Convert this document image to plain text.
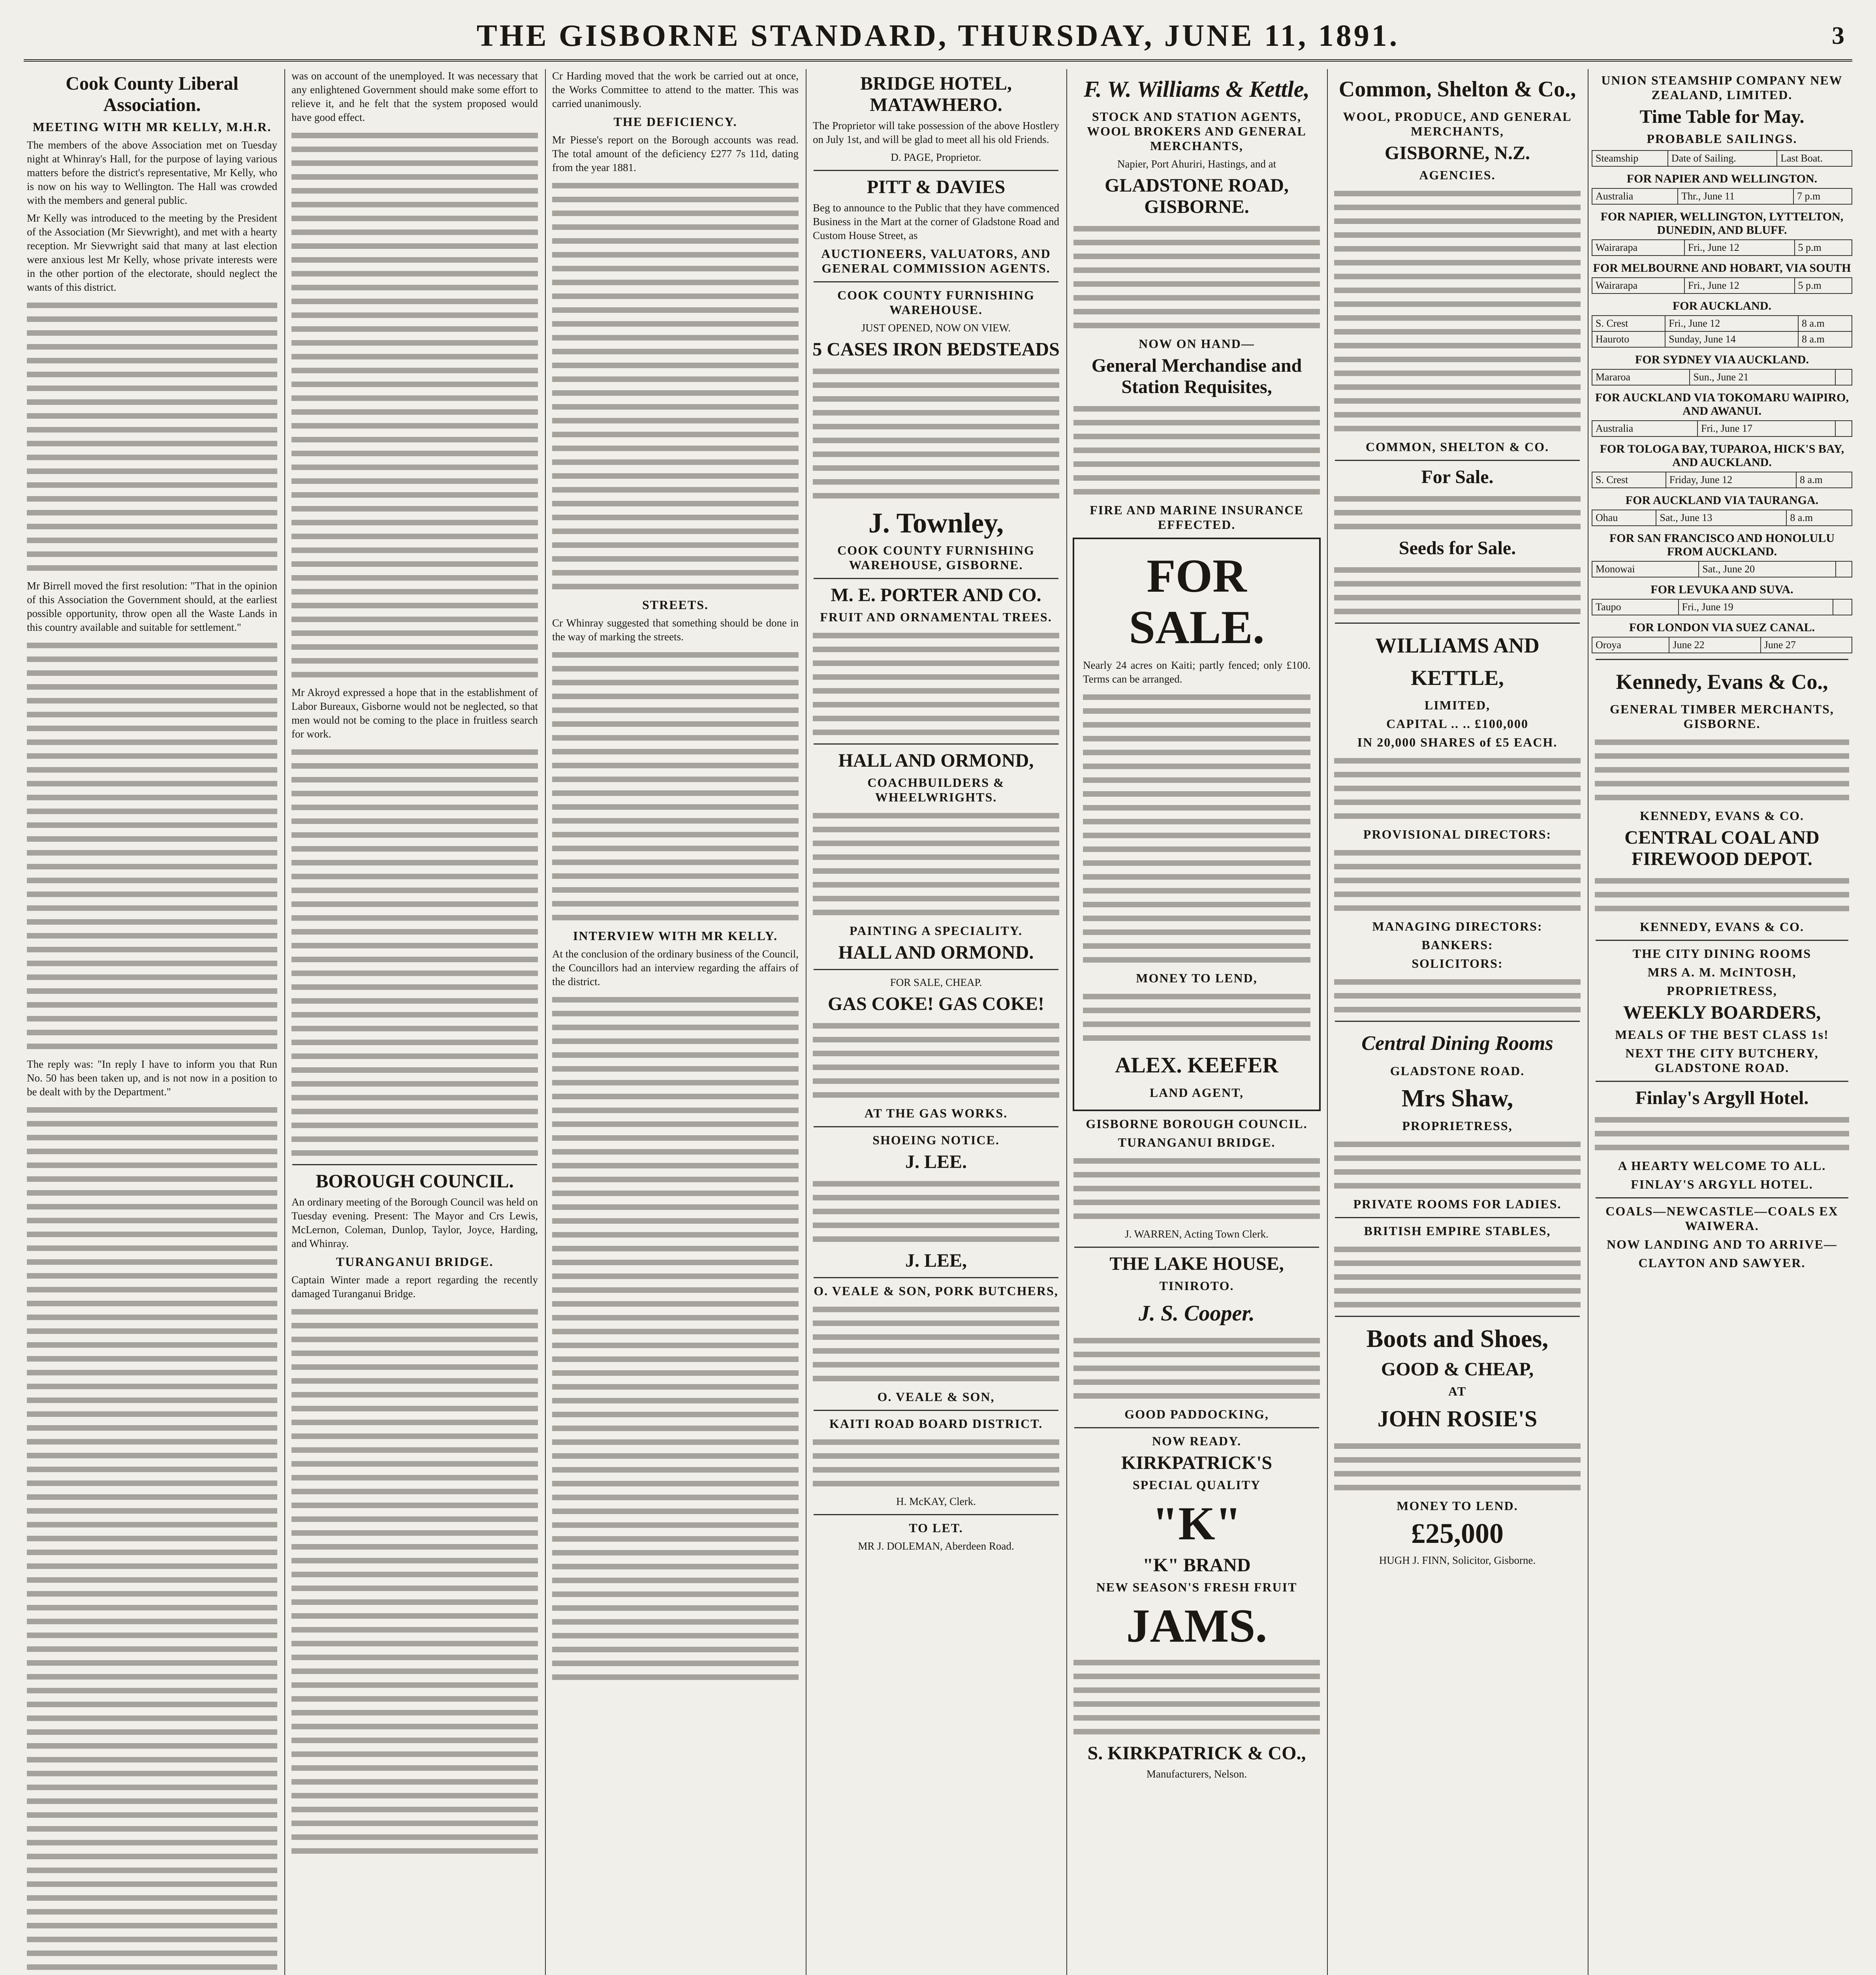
THE GISBORNE STANDARD, THURSDAY, JUNE 11, 1891.	3
Cook County Liberal Association.
MEETING WITH MR KELLY, M.H.R.
The members of the above Association met on Tuesday night at Whinray's Hall, for the purpose of laying various matters before the district's representative, Mr Kelly, who is now on his way to Wellington. The Hall was crowded with the members and general public.
Mr Kelly was introduced to the meeting by the President of the Association (Mr Sievwright), and met with a hearty reception. Mr Sievwright said that many at last election were anxious lest Mr Kelly, whose private interests were in the other portion of the electorate, should neglect the wants of this district.
Mr Birrell moved the first resolution: "That in the opinion of this Association the Government should, at the earliest possible opportunity, throw open all the Waste Lands in this country available and suitable for settlement."
The reply was: "In reply I have to inform you that Run No. 50 has been taken up, and is not now in a position to be dealt with by the Department."
was on account of the unemployed. It was necessary that any enlightened Government should make some effort to relieve it, and he felt that the system proposed would have good effect.
Mr Akroyd expressed a hope that in the establishment of Labor Bureaux, Gisborne would not be neglected, so that men would not be coming to the place in fruitless search for work.
BOROUGH COUNCIL.
An ordinary meeting of the Borough Council was held on Tuesday evening. Present: The Mayor and Crs Lewis, McLernon, Coleman, Dunlop, Taylor, Joyce, Harding, and Whinray.
TURANGANUI BRIDGE.
Captain Winter made a report regarding the recently damaged Turanganui Bridge.
Cr Harding moved that the work be carried out at once, the Works Committee to attend to the matter. This was carried unanimously.
THE DEFICIENCY.
Mr Piesse's report on the Borough accounts was read. The total amount of the deficiency £277 7s 11d, dating from the year 1881.
STREETS.
Cr Whinray suggested that something should be done in the way of marking the streets.
INTERVIEW WITH MR KELLY.
At the conclusion of the ordinary business of the Council, the Councillors had an interview regarding the affairs of the district.
BRIDGE HOTEL, MATAWHERO.
The Proprietor will take possession of the above Hostlery on July 1st, and will be glad to meet all his old Friends.
D. PAGE, Proprietor.
PITT & DAVIES
Beg to announce to the Public that they have commenced Business in the Mart at the corner of Gladstone Road and Custom House Street, as
AUCTIONEERS, VALUATORS, AND GENERAL COMMISSION AGENTS.
COOK COUNTY FURNISHING WAREHOUSE.
JUST OPENED, NOW ON VIEW.
5 CASES IRON BEDSTEADS
J. Townley,
COOK COUNTY FURNISHING WAREHOUSE, GISBORNE.
M. E. PORTER AND CO.
FRUIT AND ORNAMENTAL TREES.
HALL AND ORMOND,
COACHBUILDERS & WHEELWRIGHTS.
PAINTING A SPECIALITY.
HALL AND ORMOND.
FOR SALE, CHEAP.
GAS COKE! GAS COKE!
AT THE GAS WORKS.
SHOEING NOTICE.
J. LEE.
J. LEE,
O. VEALE & SON, PORK BUTCHERS,
O. VEALE & SON,
KAITI ROAD BOARD DISTRICT.
H. McKAY, Clerk.
TO LET.
MR J. DOLEMAN, Aberdeen Road.
F. W. Williams & Kettle,
STOCK AND STATION AGENTS, WOOL BROKERS AND GENERAL MERCHANTS,
Napier, Port Ahuriri, Hastings, and at
GLADSTONE ROAD, GISBORNE.
NOW ON HAND—
General Merchandise and Station Requisites,
FIRE AND MARINE INSURANCE EFFECTED.
FOR SALE.
Nearly 24 acres on Kaiti; partly fenced; only £100. Terms can be arranged.
MONEY TO LEND,
ALEX. KEEFER
LAND AGENT,
GISBORNE BOROUGH COUNCIL.
TURANGANUI BRIDGE.
J. WARREN, Acting Town Clerk.
THE LAKE HOUSE,
TINIROTO.
J. S. Cooper.
GOOD PADDOCKING,
NOW READY.
KIRKPATRICK'S
SPECIAL QUALITY
"K"
"K" BRAND
NEW SEASON'S FRESH FRUIT
JAMS.
S. KIRKPATRICK & CO.,
Manufacturers, Nelson.
Common, Shelton & Co.,
WOOL, PRODUCE, AND GENERAL MERCHANTS,
GISBORNE, N.Z.
AGENCIES.
COMMON, SHELTON & CO.
For Sale.
Seeds for Sale.
WILLIAMS AND KETTLE,
LIMITED,
CAPITAL .. .. £100,000
IN 20,000 SHARES of £5 EACH.
PROVISIONAL DIRECTORS:
MANAGING DIRECTORS:
BANKERS:
SOLICITORS:
Central Dining Rooms
GLADSTONE ROAD.
Mrs Shaw,
PROPRIETRESS,
PRIVATE ROOMS FOR LADIES.
BRITISH EMPIRE STABLES,
Boots and Shoes,
GOOD & CHEAP,
AT
JOHN ROSIE'S
MONEY TO LEND.
£25,000
HUGH J. FINN, Solicitor, Gisborne.
UNION STEAMSHIP COMPANY NEW ZEALAND, LIMITED.
Time Table for May.
PROBABLE SAILINGS.
Steamship	Date of Sailing.	Last Boat.
FOR NAPIER AND WELLINGTON.
Australia	Thr., June 11	7 p.m
FOR NAPIER, WELLINGTON, LYTTELTON, DUNEDIN, AND BLUFF.
Wairarapa	Fri., June 12	5 p.m
FOR MELBOURNE AND HOBART, VIA SOUTH
Wairarapa	Fri., June 12	5 p.m
FOR AUCKLAND.
S. Crest	Fri., June 12	8 a.m
Hauroto	Sunday, June 14	8 a.m
FOR SYDNEY VIA AUCKLAND.
Mararoa	Sun., June 21	
FOR AUCKLAND VIA TOKOMARU WAIPIRO, AND AWANUI.
Australia	Fri., June 17	
FOR TOLOGA BAY, TUPAROA, HICK'S BAY, AND AUCKLAND.
S. Crest	Friday, June 12	8 a.m
FOR AUCKLAND VIA TAURANGA.
Ohau	Sat., June 13	8 a.m
FOR SAN FRANCISCO AND HONOLULU FROM AUCKLAND.
Monowai	Sat., June 20	
FOR LEVUKA AND SUVA.
Taupo	Fri., June 19	
FOR LONDON VIA SUEZ CANAL.
Oroya	June 22	June 27
Kennedy, Evans & Co.,
GENERAL TIMBER MERCHANTS, GISBORNE.
KENNEDY, EVANS & CO.
CENTRAL COAL AND FIREWOOD DEPOT.
KENNEDY, EVANS & CO.
THE CITY DINING ROOMS
MRS A. M. McINTOSH,
PROPRIETRESS,
WEEKLY BOARDERS,
MEALS OF THE BEST CLASS 1s!
NEXT THE CITY BUTCHERY, GLADSTONE ROAD.
Finlay's Argyll Hotel.
A HEARTY WELCOME TO ALL.
FINLAY'S ARGYLL HOTEL.
COALS—NEWCASTLE—COALS EX WAIWERA.
NOW LANDING AND TO ARRIVE—
CLAYTON AND SAWYER.
